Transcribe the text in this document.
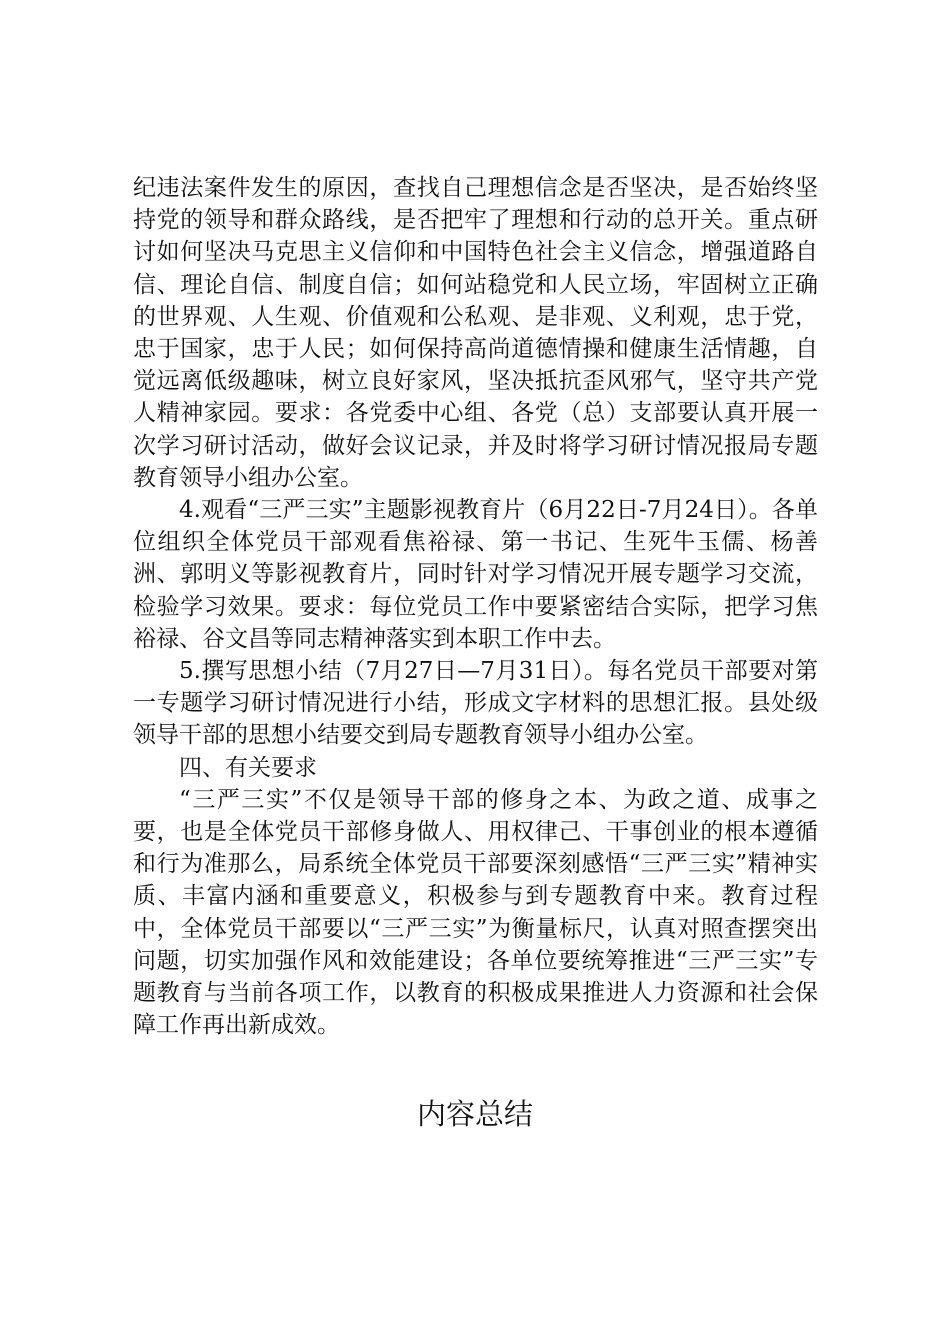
纪违法案件发生的原因，查找自己理想信念是否坚决，是否始终坚持党的领导和群众路线，是否把牢了理想和行动的总开关。重点研讨如何坚决马克思主义信仰和中国特色社会主义信念，增强道路自信、理论自信、制度自信；如何站稳党和人民立场，牢固树立正确的世界观、人生观、价值观和公私观、是非观、义利观，忠于党，忠于国家，忠于人民；如何保持高尚道德情操和健康生活情趣，自觉远离低级趣味，树立良好家风，坚决抵抗歪风邪气，坚守共产党人精神家园。要求：各党委中心组、各党（总）支部要认真开展一次学习研讨活动，做好会议记录，并及时将学习研讨情况报局专题教育领导小组办公室。

4.观看“三严三实”主题影视教育片（6月22日-7月24日）。各单位组织全体党员干部观看焦裕禄、第一书记、生死牛玉儒、杨善洲、郭明义等影视教育片，同时针对学习情况开展专题学习交流，检验学习效果。要求：每位党员工作中要紧密结合实际，把学习焦裕禄、谷文昌等同志精神落实到本职工作中去。

5.撰写思想小结（7月27日—7月31日）。每名党员干部要对第一专题学习研讨情况进行小结，形成文字材料的思想汇报。县处级领导干部的思想小结要交到局专题教育领导小组办公室。

四、有关要求

“三严三实”不仅是领导干部的修身之本、为政之道、成事之要，也是全体党员干部修身做人、用权律己、干事创业的根本遵循和行为准那么，局系统全体党员干部要深刻感悟“三严三实”精神实质、丰富内涵和重要意义，积极参与到专题教育中来。教育过程中，全体党员干部要以“三严三实”为衡量标尺，认真对照查摆突出问题，切实加强作风和效能建设；各单位要统筹推进“三严三实”专题教育与当前各项工作，以教育的积极成果推进人力资源和社会保障工作再出新成效。

内容总结
